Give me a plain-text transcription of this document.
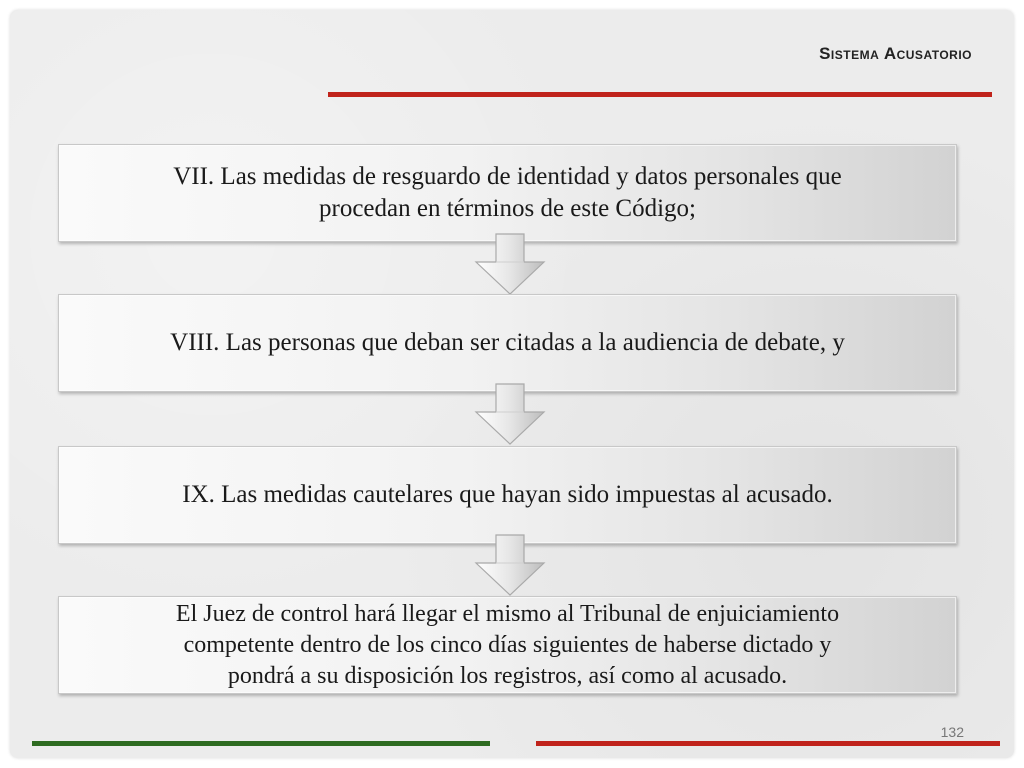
Sistema Acusatorio
VII. Las medidas de resguardo de identidad y datos personales que
procedan en términos de este Código;
VIII. Las personas que deban ser citadas a la audiencia de debate, y
IX. Las medidas cautelares que hayan sido impuestas al acusado.
El Juez de control hará llegar el mismo al Tribunal de enjuiciamiento
competente dentro de los cinco días siguientes de haberse dictado y
pondrá a su disposición los registros, así como al acusado.
132
